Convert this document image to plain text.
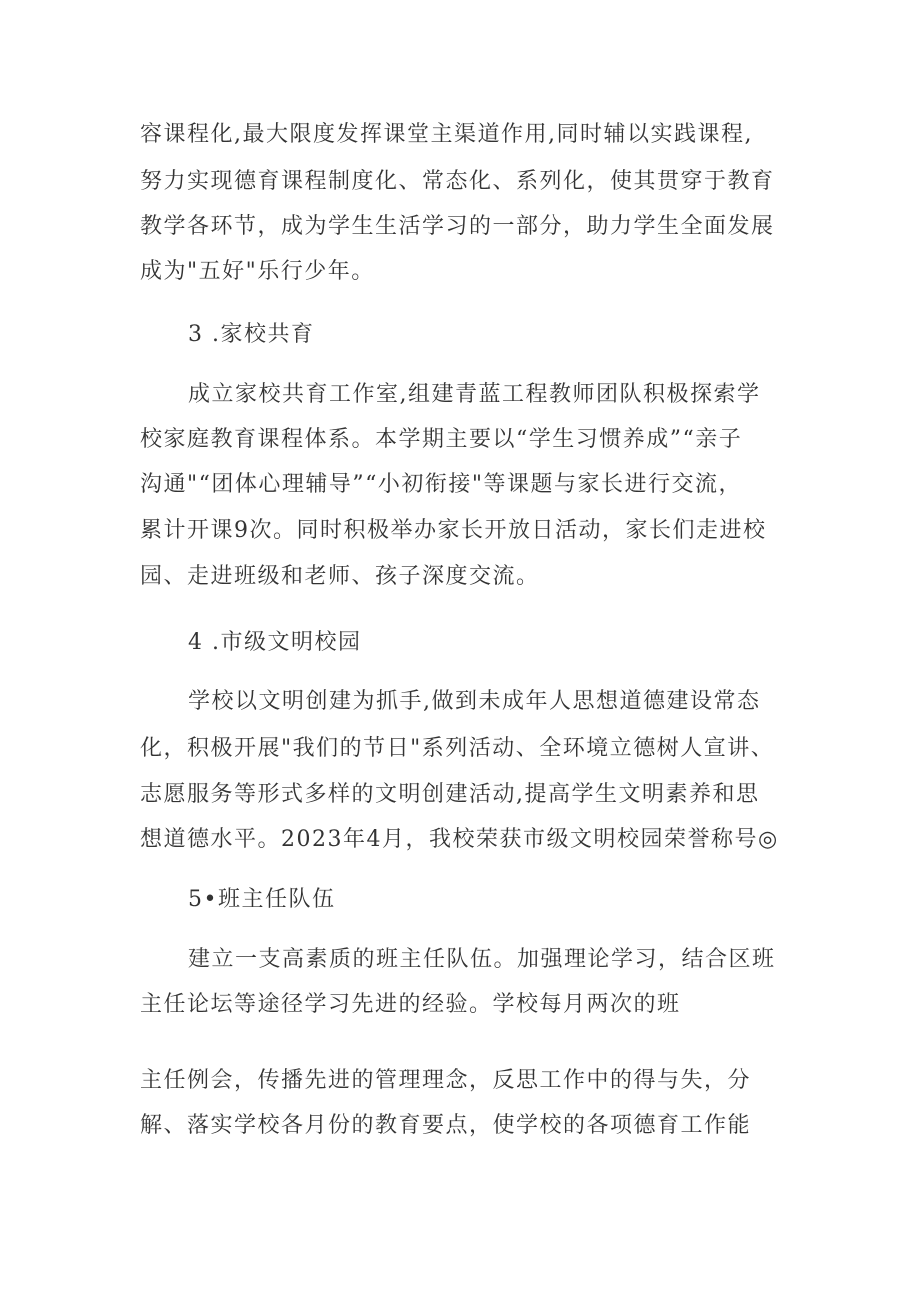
容课程化,最大限度发挥课堂主渠道作用,同时辅以实践课程,
努力实现德育课程制度化、常态化、系列化，使其贯穿于教育
教学各环节，成为学生生活学习的一部分，助力学生全面发展
成为"五好"乐行少年。
3 .家校共育
成立家校共育工作室,组建青蓝工程教师团队积极探索学
校家庭教育课程体系。本学期主要以“学生习惯养成”“亲子
沟通"“团体心理辅导”“小初衔接"等课题与家长进行交流，
累计开课9次。同时积极举办家长开放日活动，家长们走进校
园、走进班级和老师、孩子深度交流。
4 .市级文明校园
学校以文明创建为抓手,做到未成年人思想道德建设常态
化，积极开展"我们的节日"系列活动、全环境立德树人宣讲、
志愿服务等形式多样的文明创建活动,提高学生文明素养和思
想道德水平。2023年4月，我校荣获市级文明校园荣誉称号◎
5•班主任队伍
建立一支高素质的班主任队伍。加强理论学习，结合区班
主任论坛等途径学习先进的经验。学校每月两次的班
主任例会，传播先进的管理理念，反思工作中的得与失，分
解、落实学校各月份的教育要点，使学校的各项德育工作能
